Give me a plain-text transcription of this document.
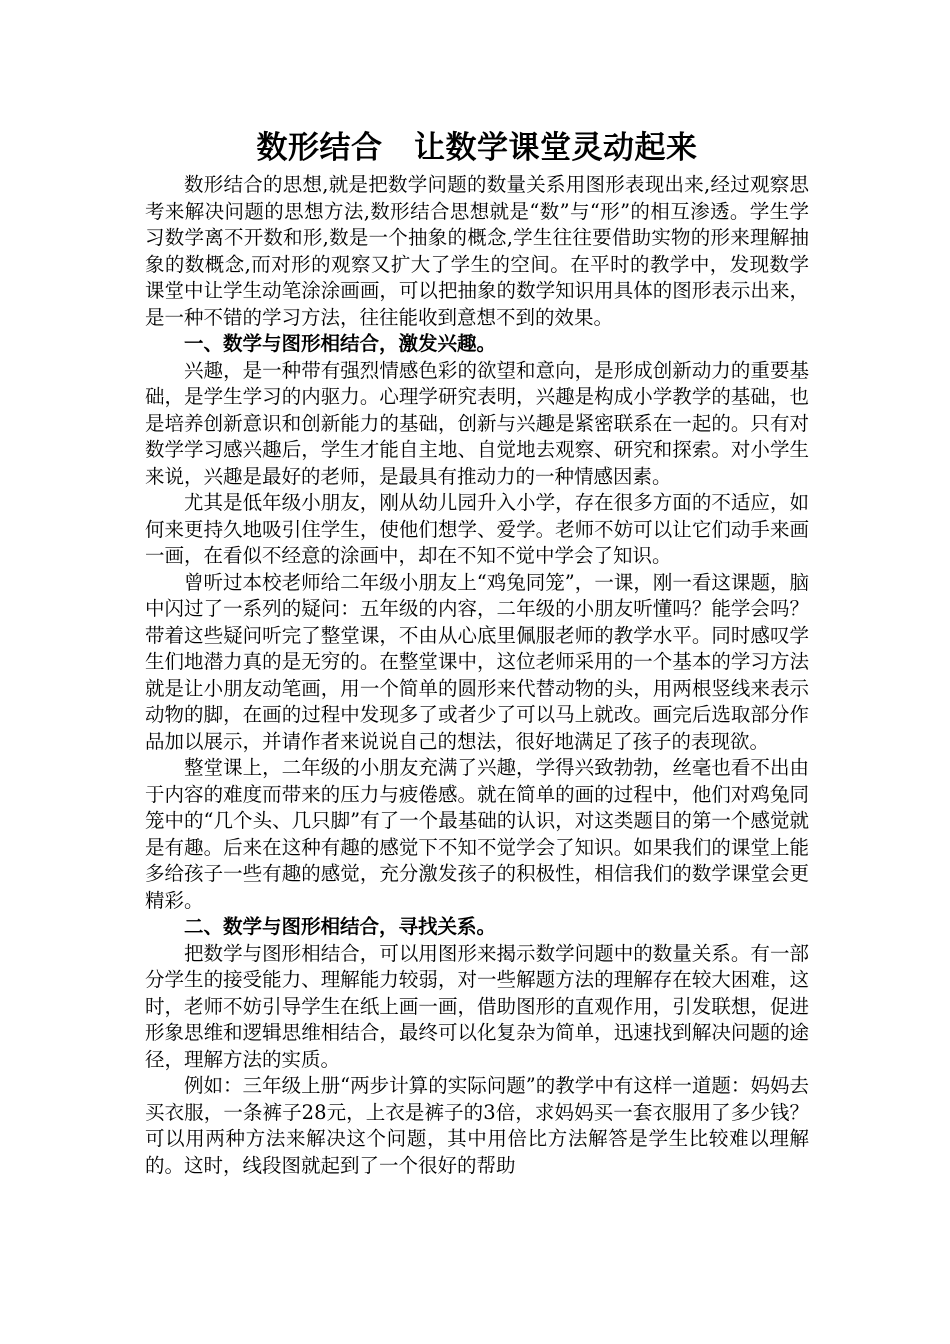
数形结合　让数学课堂灵动起来

数形结合的思想,就是把数学问题的数量关系用图形表现出来,经过观察思考来解决问题的思想方法,数形结合思想就是“数”与“形”的相互渗透。学生学习数学离不开数和形,数是一个抽象的概念,学生往往要借助实物的形来理解抽象的数概念,而对形的观察又扩大了学生的空间。在平时的教学中，发现数学课堂中让学生动笔涂涂画画，可以把抽象的数学知识用具体的图形表示出来，是一种不错的学习方法，往往能收到意想不到的效果。

一、数学与图形相结合，激发兴趣。

兴趣，是一种带有强烈情感色彩的欲望和意向，是形成创新动力的重要基础，是学生学习的内驱力。心理学研究表明，兴趣是构成小学教学的基础，也是培养创新意识和创新能力的基础，创新与兴趣是紧密联系在一起的。只有对数学学习感兴趣后，学生才能自主地、自觉地去观察、研究和探索。对小学生来说，兴趣是最好的老师，是最具有推动力的一种情感因素。

尤其是低年级小朋友，刚从幼儿园升入小学，存在很多方面的不适应，如何来更持久地吸引住学生，使他们想学、爱学。老师不妨可以让它们动手来画一画，在看似不经意的涂画中，却在不知不觉中学会了知识。

曾听过本校老师给二年级小朋友上“鸡兔同笼”，一课，刚一看这课题，脑中闪过了一系列的疑问：五年级的内容，二年级的小朋友听懂吗？能学会吗？带着这些疑问听完了整堂课，不由从心底里佩服老师的教学水平。同时感叹学生们地潜力真的是无穷的。在整堂课中，这位老师采用的一个基本的学习方法就是让小朋友动笔画，用一个简单的圆形来代替动物的头，用两根竖线来表示动物的脚，在画的过程中发现多了或者少了可以马上就改。画完后选取部分作品加以展示，并请作者来说说自己的想法，很好地满足了孩子的表现欲。

整堂课上，二年级的小朋友充满了兴趣，学得兴致勃勃，丝毫也看不出由于内容的难度而带来的压力与疲倦感。就在简单的画的过程中，他们对鸡兔同笼中的“几个头、几只脚”有了一个最基础的认识，对这类题目的第一个感觉就是有趣。后来在这种有趣的感觉下不知不觉学会了知识。如果我们的课堂上能多给孩子一些有趣的感觉，充分激发孩子的积极性，相信我们的数学课堂会更精彩。

二、数学与图形相结合，寻找关系。

把数学与图形相结合，可以用图形来揭示数学问题中的数量关系。有一部分学生的接受能力、理解能力较弱，对一些解题方法的理解存在较大困难，这时，老师不妨引导学生在纸上画一画，借助图形的直观作用，引发联想，促进形象思维和逻辑思维相结合，最终可以化复杂为简单，迅速找到解决问题的途径，理解方法的实质。

例如：三年级上册“两步计算的实际问题”的教学中有这样一道题：妈妈去买衣服，一条裤子28元，上衣是裤子的3倍，求妈妈买一套衣服用了多少钱？可以用两种方法来解决这个问题，其中用倍比方法解答是学生比较难以理解的。这时，线段图就起到了一个很好的帮助
